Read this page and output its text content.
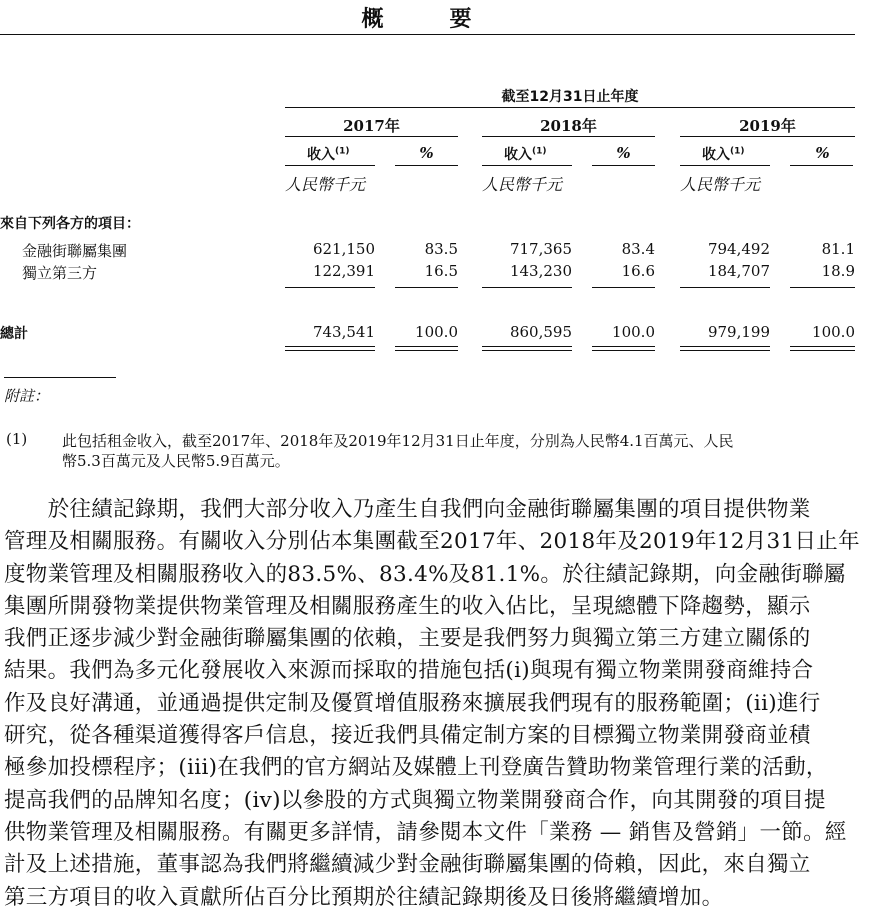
概　要
附註：
(1) 此包括租金收入，截至2017年、2018年及2019年12月31日止年度，分別為人民幣4.1百萬元、人民
幣5.3百萬元及人民幣5.9百萬元。
　　於往績記錄期，我們大部分收入乃產生自我們向金融街聯屬集團的項目提供物業
管理及相關服務。有關收入分別佔本集團截至2017年、2018年及2019年12月31日止年
度物業管理及相關服務收入的83.5%、83.4%及81.1%。於往績記錄期，向金融街聯屬
集團所開發物業提供物業管理及相關服務產生的收入佔比，呈現總體下降趨勢，顯示
我們正逐步減少對金融街聯屬集團的依賴，主要是我們努力與獨立第三方建立關係的
結果。我們為多元化發展收入來源而採取的措施包括(i)與現有獨立物業開發商維持合
作及良好溝通，並通過提供定制及優質增值服務來擴展我們現有的服務範圍；(ii)進行
研究，從各種渠道獲得客戶信息，接近我們具備定制方案的目標獨立物業開發商並積
極參加投標程序；(iii)在我們的官方網站及媒體上刊登廣告贊助物業管理行業的活動，
提高我們的品牌知名度；(iv)以參股的方式與獨立物業開發商合作，向其開發的項目提
供物業管理及相關服務。有關更多詳情，請參閱本文件「業務 — 銷售及營銷」一節。經
計及上述措施，董事認為我們將繼續減少對金融街聯屬集團的倚賴，因此，來自獨立
第三方項目的收入貢獻所佔百分比預期於往績記錄期後及日後將繼續增加。
截至12月31日止年度
2017年
收入$^{(1)}$	%
人民幣千元
2018年
收入$^{(1)}$	%
人民幣千元
2019年
收入$^{(1)}$	%
人民幣千元
來自下列各方的項目：
金融街聯屬集團	621,150	83.5	717,365	83.4	794,492	81.1
獨立第三方	122,391	16.5	143,230	16.6	184,707	18.9
總計	743,541	100.0	860,595	100.0	979,199	100.0
